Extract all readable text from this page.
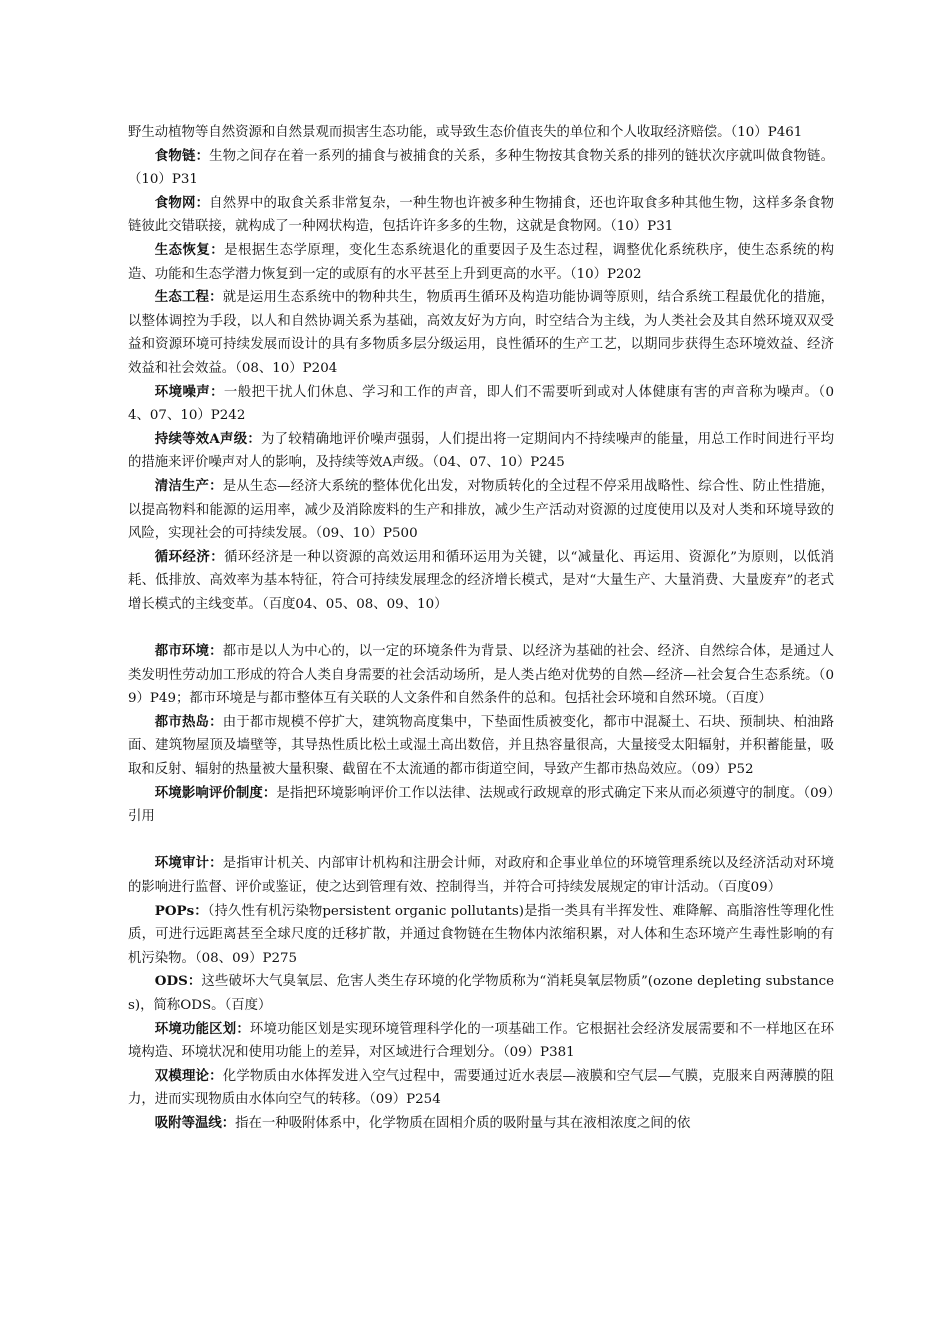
野生动植物等自然资源和自然景观而损害生态功能，或导致生态价值丧失的单位和个人收取经济赔偿。（10）P461

食物链：生物之间存在着一系列的捕食与被捕食的关系，多种生物按其食物关系的排列的链状次序就叫做食物链。（10）P31

食物网：自然界中的取食关系非常复杂，一种生物也许被多种生物捕食，还也许取食多种其他生物，这样多条食物链彼此交错联接，就构成了一种网状构造，包括许许多多的生物，这就是食物网。（10）P31

生态恢复：是根据生态学原理，变化生态系统退化的重要因子及生态过程，调整优化系统秩序，使生态系统的构造、功能和生态学潜力恢复到一定的或原有的水平甚至上升到更高的水平。（10）P202

生态工程：就是运用生态系统中的物种共生，物质再生循环及构造功能协调等原则，结合系统工程最优化的措施，以整体调控为手段，以人和自然协调关系为基础，高效友好为方向，时空结合为主线，为人类社会及其自然环境双双受益和资源环境可持续发展而设计的具有多物质多层分级运用，良性循环的生产工艺，以期同步获得生态环境效益、经济效益和社会效益。（08、10）P204

环境噪声：一般把干扰人们休息、学习和工作的声音，即人们不需要听到或对人体健康有害的声音称为噪声。（04、07、10）P242

持续等效A声级：为了较精确地评价噪声强弱，人们提出将一定期间内不持续噪声的能量，用总工作时间进行平均的措施来评价噪声对人的影响，及持续等效A声级。（04、07、10）P245

清洁生产：是从生态—经济大系统的整体优化出发，对物质转化的全过程不停采用战略性、综合性、防止性措施，以提高物料和能源的运用率，减少及消除废料的生产和排放，减少生产活动对资源的过度使用以及对人类和环境导致的风险，实现社会的可持续发展。（09、10）P500

循环经济：循环经济是一种以资源的高效运用和循环运用为关键，以“减量化、再运用、资源化”为原则，以低消耗、低排放、高效率为基本特征，符合可持续发展理念的经济增长模式，是对“大量生产、大量消费、大量废弃”的老式增长模式的主线变革。（百度04、05、08、09、10）

都市环境：都市是以人为中心的，以一定的环境条件为背景、以经济为基础的社会、经济、自然综合体，是通过人类发明性劳动加工形成的符合人类自身需要的社会活动场所，是人类占绝对优势的自然—经济—社会复合生态系统。（09）P49；都市环境是与都市整体互有关联的人文条件和自然条件的总和。包括社会环境和自然环境。（百度）

都市热岛：由于都市规模不停扩大，建筑物高度集中，下垫面性质被变化，都市中混凝土、石块、预制块、柏油路面、建筑物屋顶及墙壁等，其导热性质比松土或湿土高出数倍，并且热容量很高，大量接受太阳辐射，并积蓄能量，吸取和反射、辐射的热量被大量积聚、截留在不太流通的都市街道空间，导致产生都市热岛效应。（09）P52

环境影响评价制度：是指把环境影响评价工作以法律、法规或行政规章的形式确定下来从而必须遵守的制度。（09）引用

环境审计：是指审计机关、内部审计机构和注册会计师，对政府和企事业单位的环境管理系统以及经济活动对环境的影响进行监督、评价或鉴证，使之达到管理有效、控制得当，并符合可持续发展规定的审计活动。（百度09）

POPs：（持久性有机污染物persistent organic pollutants)是指一类具有半挥发性、难降解、高脂溶性等理化性质，可进行远距离甚至全球尺度的迁移扩散，并通过食物链在生物体内浓缩积累，对人体和生态环境产生毒性影响的有机污染物。（08、09）P275

ODS：这些破坏大气臭氧层、危害人类生存环境的化学物质称为“消耗臭氧层物质”(ozone depleting substances)，简称ODS。（百度）

环境功能区划：环境功能区划是实现环境管理科学化的一项基础工作。它根据社会经济发展需要和不一样地区在环境构造、环境状况和使用功能上的差异，对区域进行合理划分。（09）P381

双模理论：化学物质由水体挥发进入空气过程中，需要通过近水表层—液膜和空气层—气膜，克服来自两薄膜的阻力，进而实现物质由水体向空气的转移。（09）P254

吸附等温线：指在一种吸附体系中，化学物质在固相介质的吸附量与其在液相浓度之间的依
